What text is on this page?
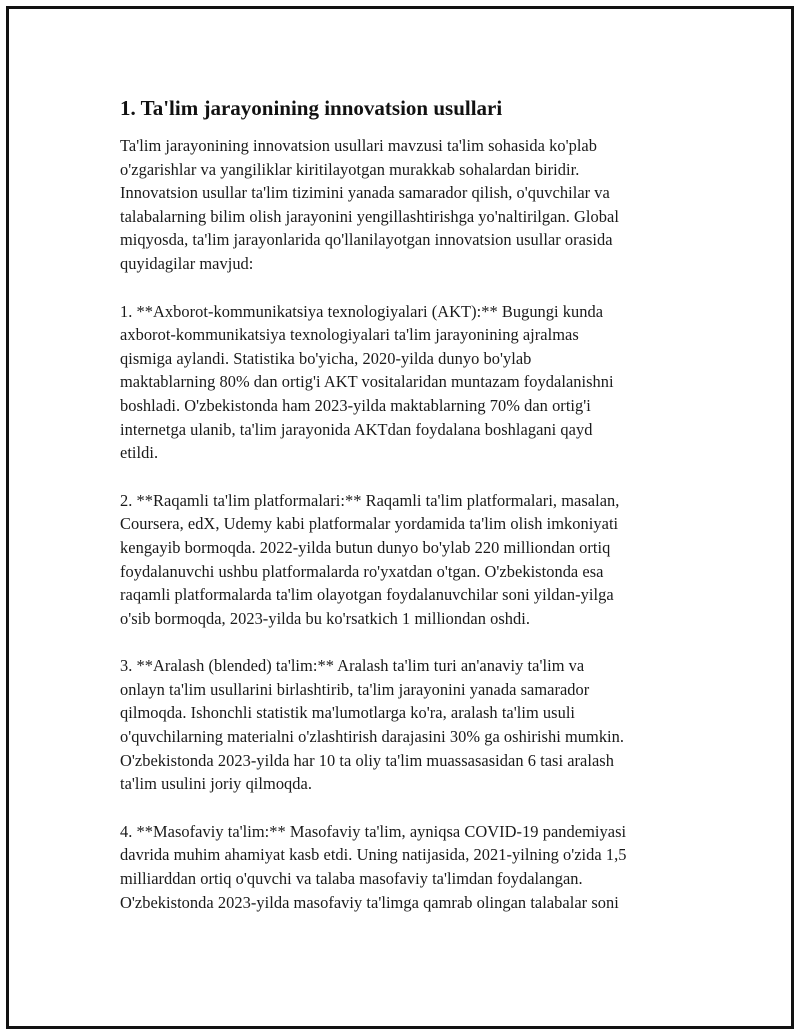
1. Ta'lim jarayonining innovatsion usullari

Ta'lim jarayonining innovatsion usullari mavzusi ta'lim sohasida ko'plab
o'zgarishlar va yangiliklar kiritilayotgan murakkab sohalardan biridir.
Innovatsion usullar ta'lim tizimini yanada samarador qilish, o'quvchilar va
talabalarning bilim olish jarayonini yengillashtirishga yo'naltirilgan. Global
miqyosda, ta'lim jarayonlarida qo'llanilayotgan innovatsion usullar orasida
quyidagilar mavjud:

1. **Axborot-kommunikatsiya texnologiyalari (AKT):** Bugungi kunda
axborot-kommunikatsiya texnologiyalari ta'lim jarayonining ajralmas
qismiga aylandi. Statistika bo'yicha, 2020-yilda dunyo bo'ylab
maktablarning 80% dan ortig'i AKT vositalaridan muntazam foydalanishni
boshladi. O'zbekistonda ham 2023-yilda maktablarning 70% dan ortig'i
internetga ulanib, ta'lim jarayonida AKTdan foydalana boshlagani qayd
etildi.

2. **Raqamli ta'lim platformalari:** Raqamli ta'lim platformalari, masalan,
Coursera, edX, Udemy kabi platformalar yordamida ta'lim olish imkoniyati
kengayib bormoqda. 2022-yilda butun dunyo bo'ylab 220 milliondan ortiq
foydalanuvchi ushbu platformalarda ro'yxatdan o'tgan. O'zbekistonda esa
raqamli platformalarda ta'lim olayotgan foydalanuvchilar soni yildan-yilga
o'sib bormoqda, 2023-yilda bu ko'rsatkich 1 milliondan oshdi.

3. **Aralash (blended) ta'lim:** Aralash ta'lim turi an'anaviy ta'lim va
onlayn ta'lim usullarini birlashtirib, ta'lim jarayonini yanada samarador
qilmoqda. Ishonchli statistik ma'lumotlarga ko'ra, aralash ta'lim usuli
o'quvchilarning materialni o'zlashtirish darajasini 30% ga oshirishi mumkin.
O'zbekistonda 2023-yilda har 10 ta oliy ta'lim muassasasidan 6 tasi aralash
ta'lim usulini joriy qilmoqda.

4. **Masofaviy ta'lim:** Masofaviy ta'lim, ayniqsa COVID-19 pandemiyasi
davrida muhim ahamiyat kasb etdi. Uning natijasida, 2021-yilning o'zida 1,5
milliarddan ortiq o'quvchi va talaba masofaviy ta'limdan foydalangan.
O'zbekistonda 2023-yilda masofaviy ta'limga qamrab olingan talabalar soni
